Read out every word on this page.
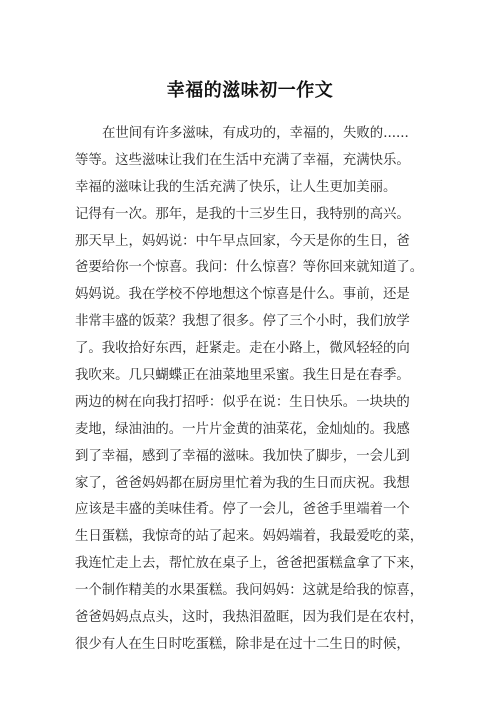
幸福的滋味初一作文
在世间有许多滋味，有成功的，幸福的，失败的......
等等。这些滋味让我们在生活中充满了幸福，充满快乐。
幸福的滋味让我的生活充满了快乐，让人生更加美丽。
记得有一次。那年，是我的十三岁生日，我特别的高兴。
那天早上，妈妈说：中午早点回家，今天是你的生日，爸
爸要给你一个惊喜。我问：什么惊喜？等你回来就知道了。
妈妈说。我在学校不停地想这个惊喜是什么。事前，还是
非常丰盛的饭菜？我想了很多。停了三个小时，我们放学
了。我收拾好东西，赶紧走。走在小路上，微风轻轻的向
我吹来。几只蝴蝶正在油菜地里采蜜。我生日是在春季。
两边的树在向我打招呼：似乎在说：生日快乐。一块块的
麦地，绿油油的。一片片金黄的油菜花，金灿灿的。我感
到了幸福，感到了幸福的滋味。我加快了脚步，一会儿到
家了，爸爸妈妈都在厨房里忙着为我的生日而庆祝。我想
应该是丰盛的美味佳肴。停了一会儿，爸爸手里端着一个
生日蛋糕，我惊奇的站了起来。妈妈端着，我最爱吃的菜，
我连忙走上去，帮忙放在桌子上，爸爸把蛋糕盒拿了下来，
一个制作精美的水果蛋糕。我问妈妈：这就是给我的惊喜，
爸爸妈妈点点头，这时，我热泪盈眶，因为我们是在农村，
很少有人在生日时吃蛋糕，除非是在过十二生日的时候，
